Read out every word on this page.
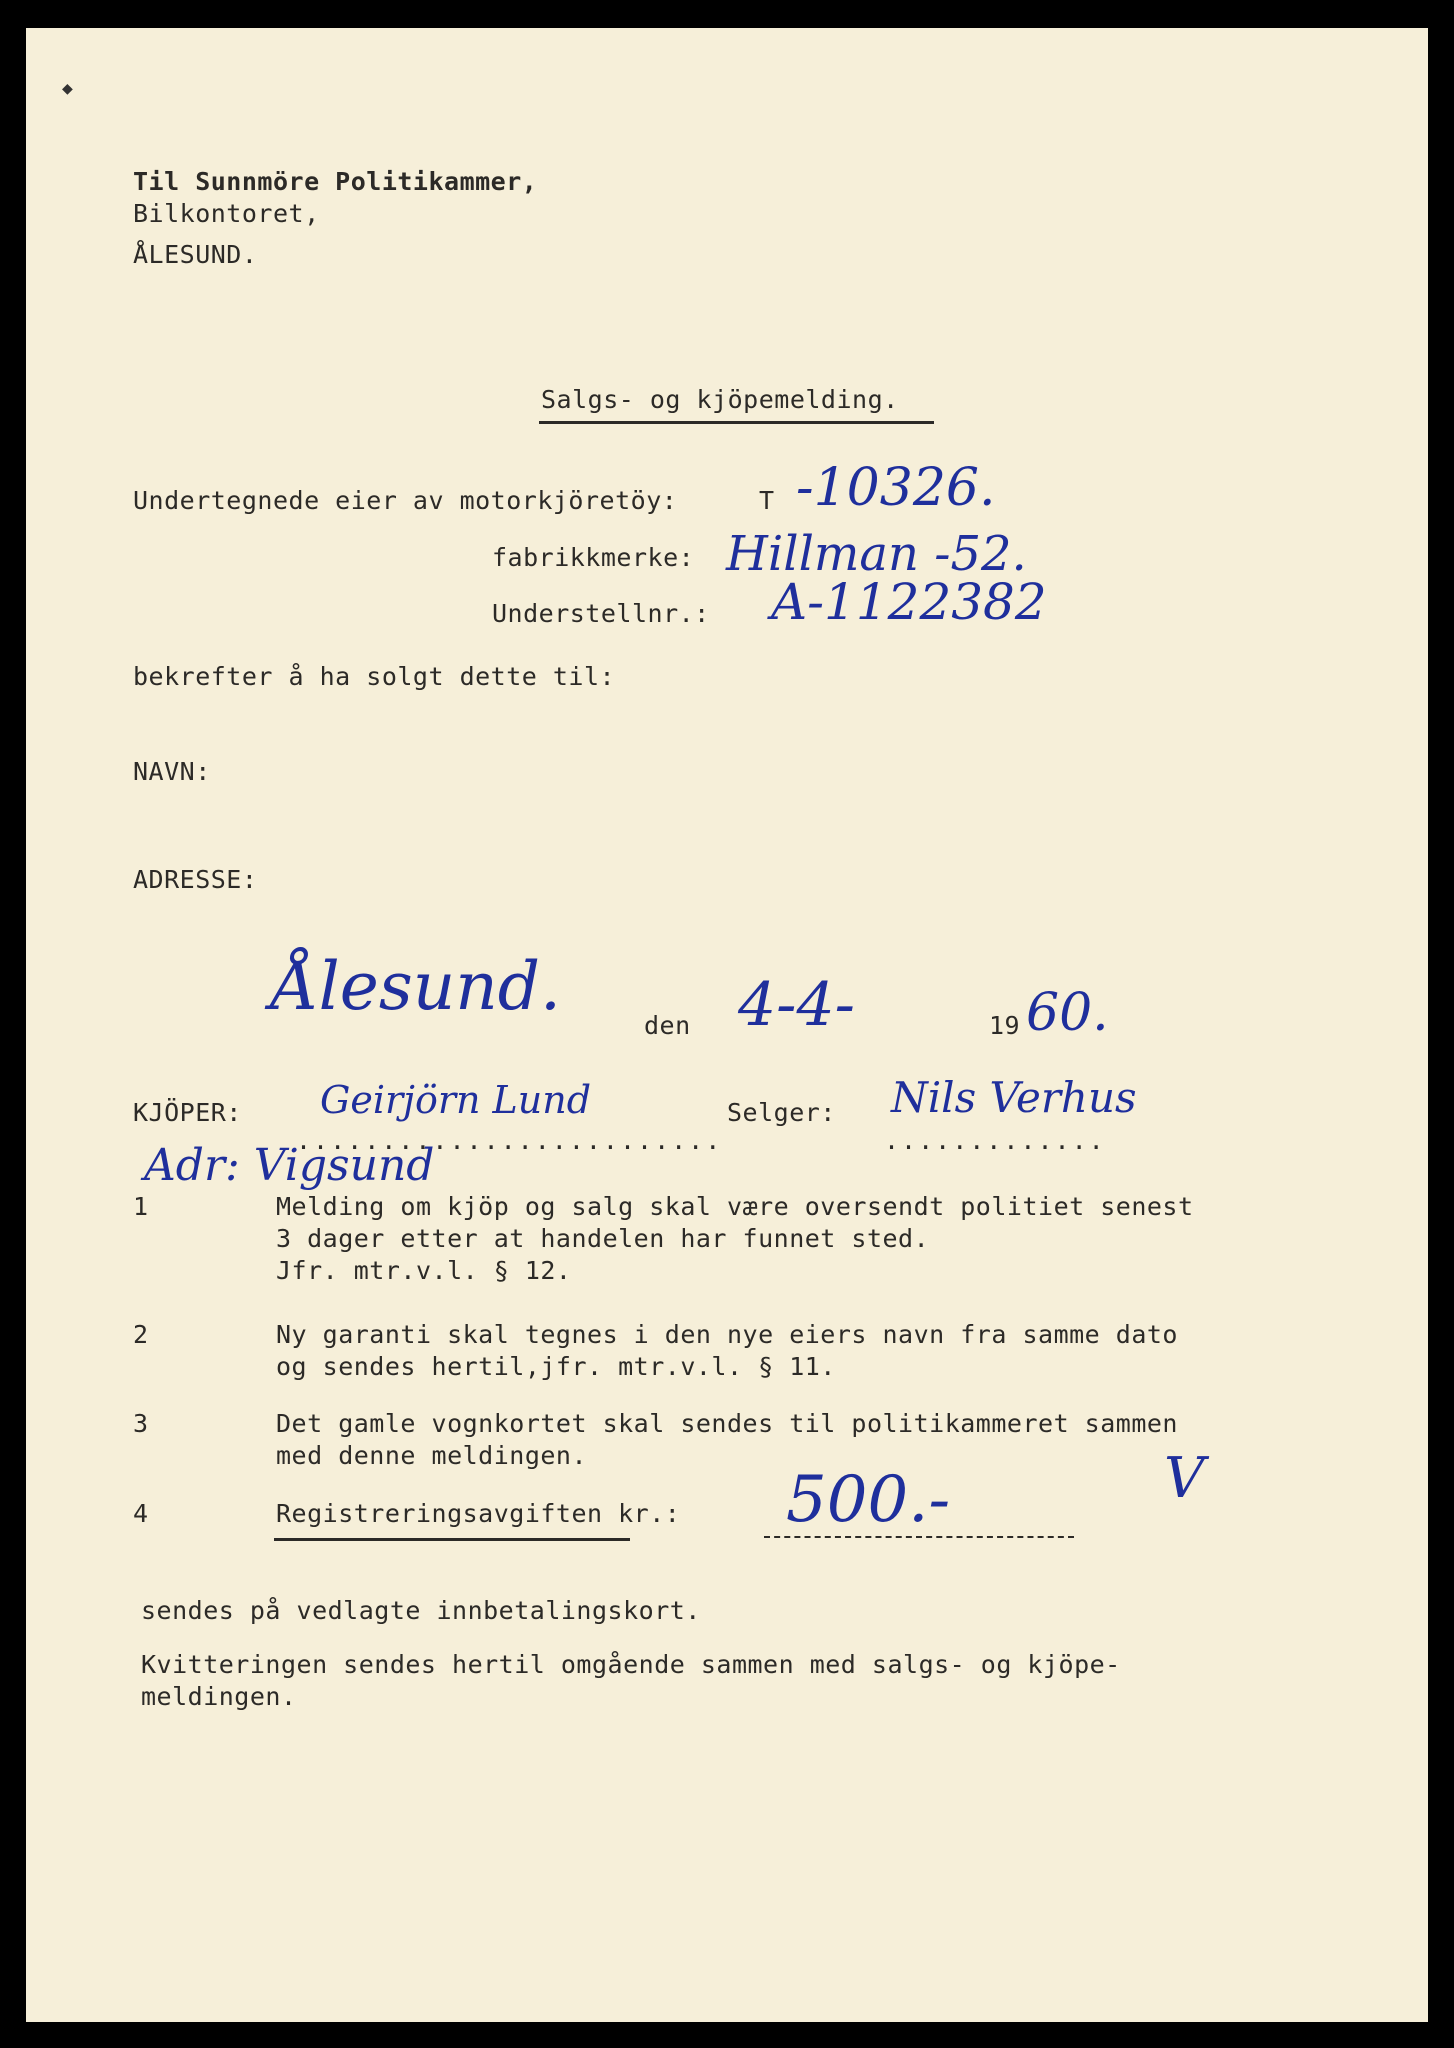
◆
Til Sunnmöre Politikammer,
Bilkontoret,
ÅLESUND.
Salgs- og kjöpemelding.
Undertegnede eier av motorkjöretöy:	T -10326.
fabrikkmerke: Hillman -52.
Understellnr.: A-1122382
bekrefter å ha solgt dette til:
NAVN:
ADRESSE:
Ålesund.
den 4-4-	19 60.
KJÖPER: Geirjörn Lund
.........................
Adr: Vigsund
Selger: Nils Verhus
.............
1	Melding om kjöp og salg skal være oversendt politiet senest
3 dager etter at handelen har funnet sted.
Jfr. mtr.v.l. § 12.
2	Ny garanti skal tegnes i den nye eiers navn fra samme dato
og sendes hertil,jfr. mtr.v.l. § 11.
3	Det gamle vognkortet skal sendes til politikammeret sammen
med denne meldingen.
4	Registreringsavgiften kr.: 500.-	V
sendes på vedlagte innbetalingskort.
Kvitteringen sendes hertil omgående sammen med salgs- og kjöpe-
meldingen.
